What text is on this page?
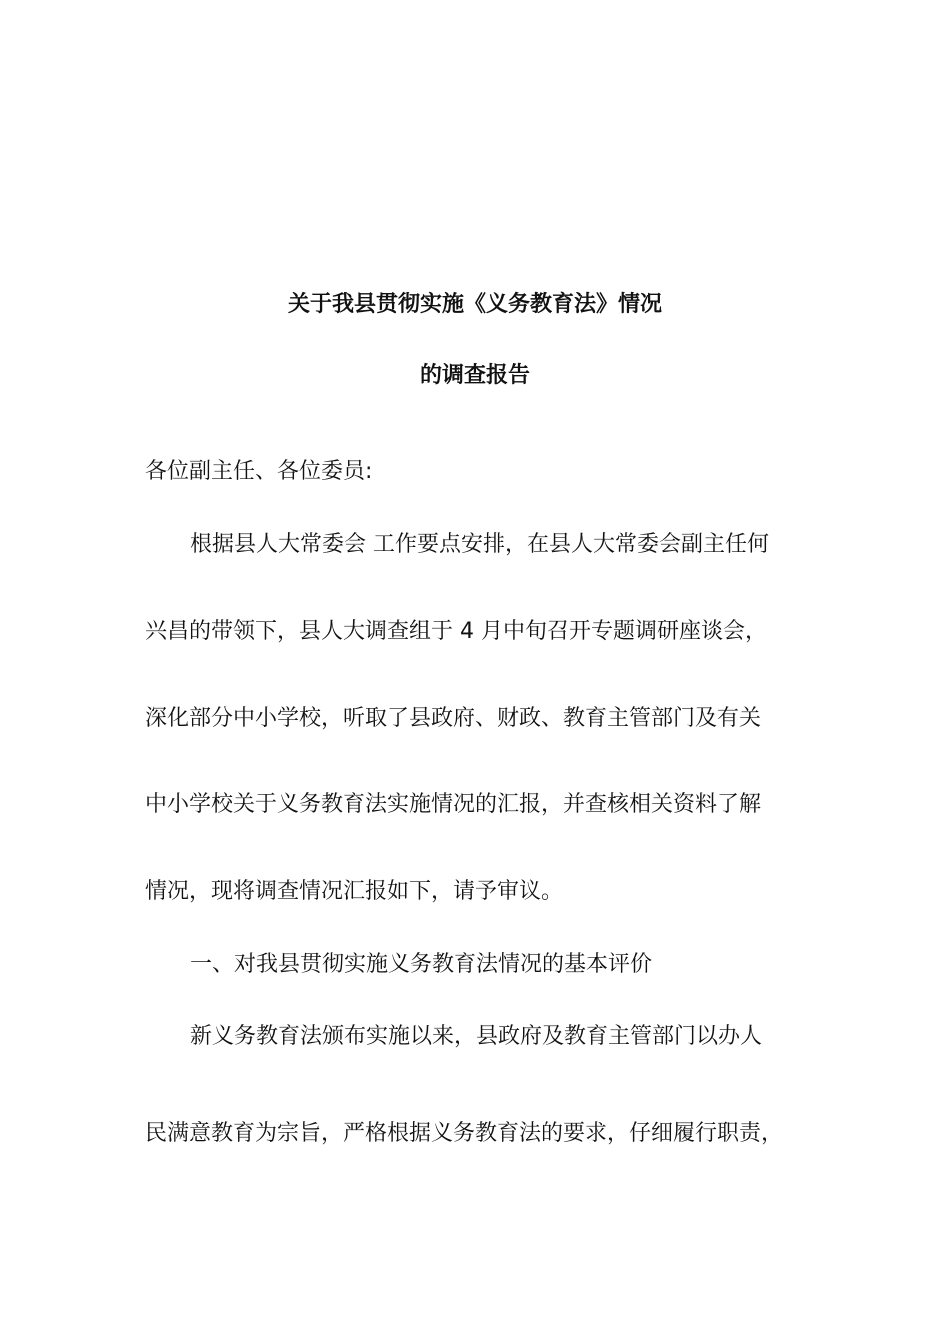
关于我县贯彻实施《义务教育法》情况
的调查报告
各位副主任、各位委员:
根据县人大常委会 工作要点安排，在县人大常委会副主任何
兴昌的带领下，县人大调查组于 4 月中旬召开专题调研座谈会，
深化部分中小学校，听取了县政府、财政、教育主管部门及有关
中小学校关于义务教育法实施情况的汇报，并查核相关资料了解
情况，现将调查情况汇报如下，请予审议。
一、对我县贯彻实施义务教育法情况的基本评价
新义务教育法颁布实施以来，县政府及教育主管部门以办人
民满意教育为宗旨，严格根据义务教育法的要求，仔细履行职责，
